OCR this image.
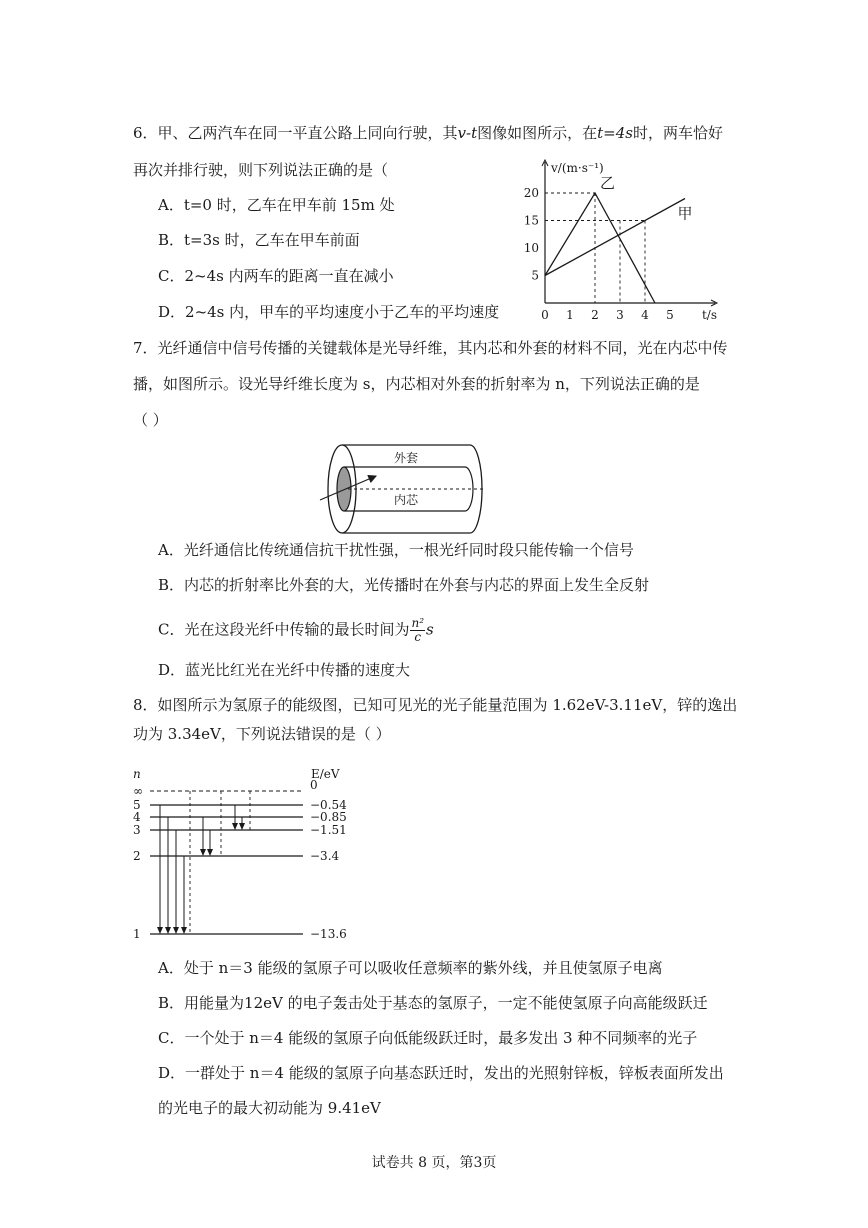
6．甲、乙两汽车在同一平直公路上同向行驶，其v-t图像如图所示，在t=4s时，两车恰好
再次并排行驶，则下列说法正确的是（
A．t=0 时，乙车在甲车前 15m 处
B．t=3s 时，乙车在甲车前面
C．2~4s 内两车的距离一直在减小
D．2~4s 内，甲车的平均速度小于乙车的平均速度	0 1 2 3 4 5
5
10
15
20
v/(m·s⁻¹)
t/s
甲
乙
7．光纤通信中信号传播的关键载体是光导纤维，其内芯和外套的材料不同，光在内芯中传
播，如图所示。设光导纤维长度为 s，内芯相对外套的折射率为 n，下列说法正确的是
（ ）
外套
内芯
A．光纤通信比传统通信抗干扰性强，一根光纤同时段只能传输一个信号
B．内芯的折射率比外套的大，光传播时在外套与内芯的界面上发生全反射
C．光在这段光纤中传输的最长时间为 $\frac{\text{n²}}{c}$ s
D．蓝光比红光在光纤中传播的速度大
8．如图所示为氢原子的能级图，已知可见光的光子能量范围为 1.62eV-3.11eV，锌的逸出
功为 3.34eV，下列说法错误的是（ ）
n	E/eV
∞	0
5	−0.54
4	−0.85
3	−1.51
2	−3.4
1	−13.6
A．处于 n＝3 能级的氢原子可以吸收任意频率的紫外线，并且使氢原子电离
B．用能量为12eV 的电子轰击处于基态的氢原子，一定不能使氢原子向高能级跃迁
C．一个处于 n＝4 能级的氢原子向低能级跃迁时，最多发出 3 种不同频率的光子
D．一群处于 n＝4 能级的氢原子向基态跃迁时，发出的光照射锌板，锌板表面所发出
的光电子的最大初动能为 9.41eV
试卷共 8 页，第3页
